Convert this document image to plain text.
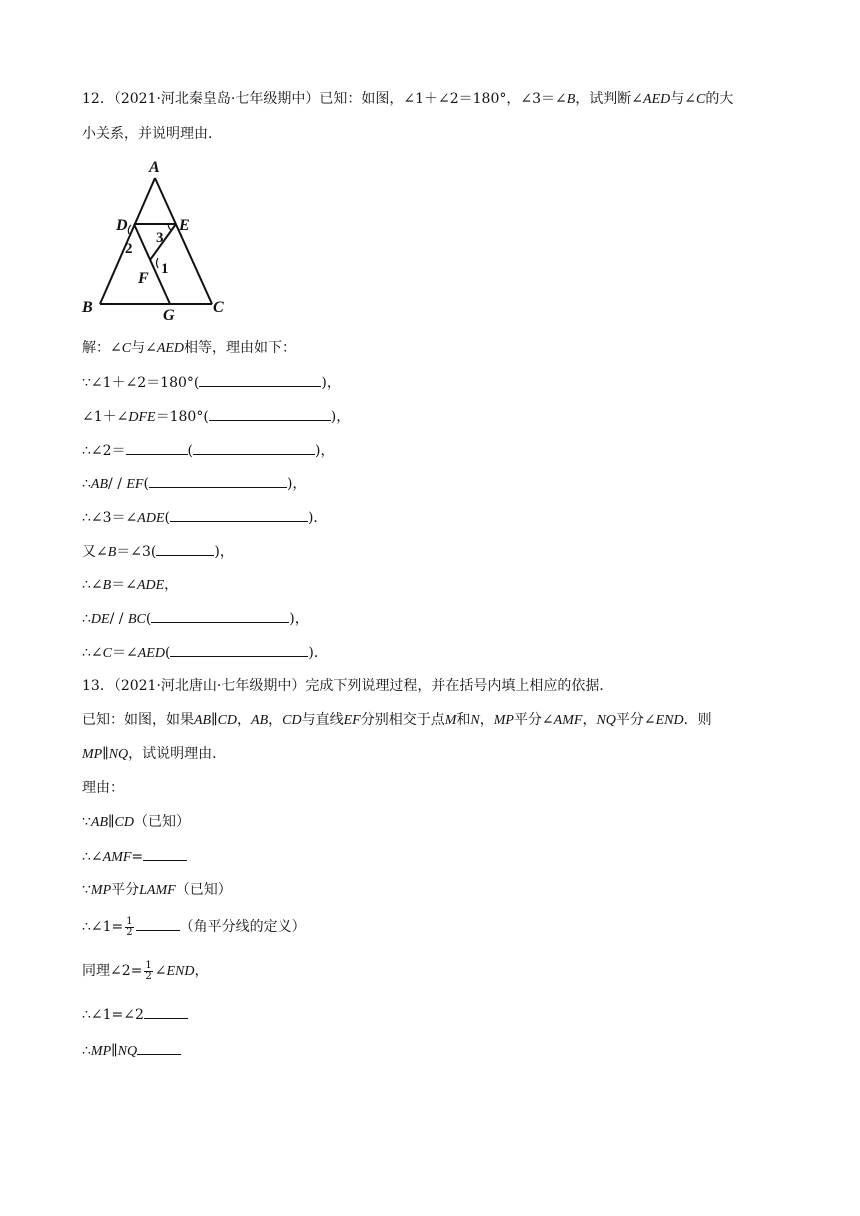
12．（2021·河北秦皇岛·七年级期中）已知：如图，∠1＋∠2＝180°，∠3＝∠B，试判断∠AED与∠C的大
小关系，并说明理由．
A
D	E
F
B	G C
2
3
1
解：∠C与∠AED相等，理由如下：
∵∠1＋∠2＝180°(	)，
∠1＋∠DFE＝180°(	)，
∴∠2＝	(	)，
∴AB/ / EF(	)，
∴∠3＝∠ADE(	)．
又∠B＝∠3(	)，
∴∠B＝∠ADE，
∴DE/ / BC(	)，
∴∠C＝∠AED(	)．
13．（2021·河北唐山·七年级期中）完成下列说理过程，并在括号内填上相应的依据．
已知：如图，如果AB∥CD，AB，CD与直线EF分别相交于点M和N，MP平分∠AMF，NQ平分∠END．则
MP∥NQ，试说明理由．
理由：
∵AB∥CD（已知）
∴∠AMF=
∵MP平分LAMF（已知）
∴∠1= $\frac{1}{2}$	（角平分线的定义）
同理∠2= $\frac{1}{2}$ ∠END，
∴∠1=∠2
∴MP∥NQ
